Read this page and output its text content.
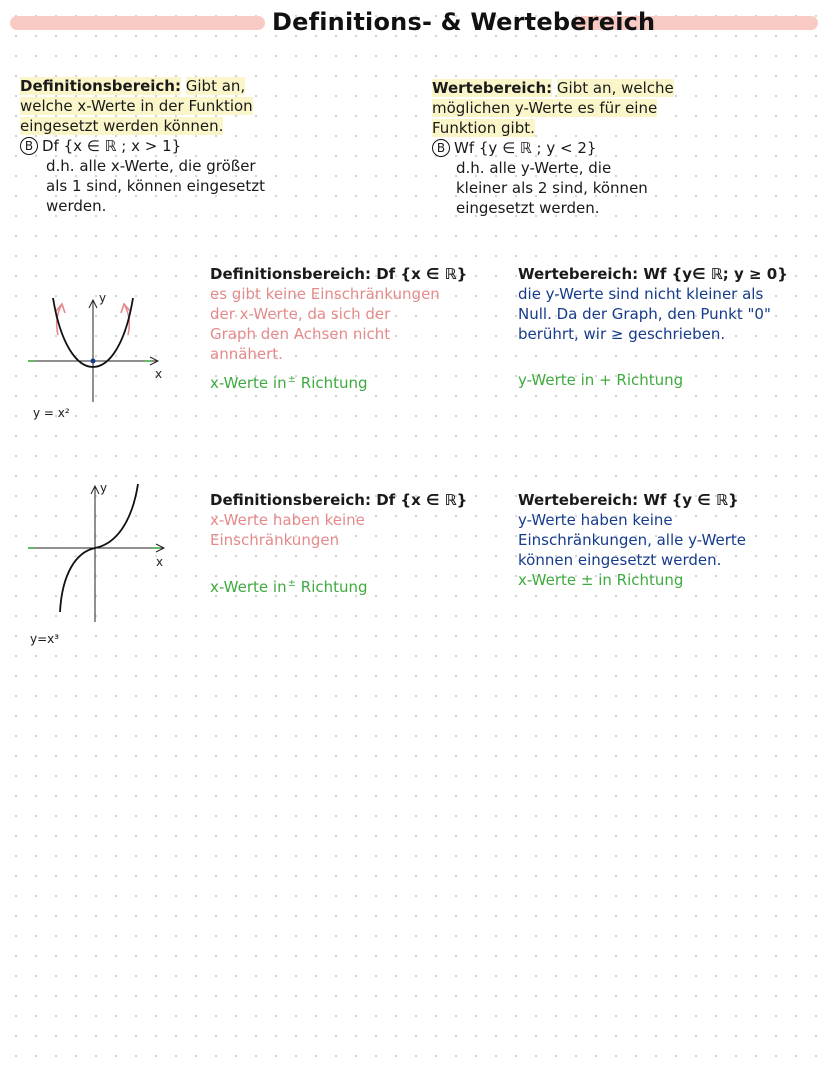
Definitions- & Wertebereich
Definitionsbereich: Gibt an,
welche x-Werte in der Funktion
eingesetzt werden können.
B Df {x ∈ ℝ ; x > 1}
d.h. alle x-Werte, die größer
als 1 sind, können eingesetzt
werden.
Wertebereich: Gibt an, welche
möglichen y-Werte es für eine
Funktion gibt.
B Wf {y ∈ ℝ ; y < 2}
d.h. alle y-Werte, die
kleiner als 2 sind, können
eingesetzt werden.
y
x
y = x²
Definitionsbereich: Df {x ∈ ℝ}
es gibt keine Einschränkungen
der x-Werte, da sich der
Graph den Achsen nicht
annähert.
x-Werte in± Richtung
Wertebereich: Wf {y∈ ℝ; y ≥ 0}
die y-Werte sind nicht kleiner als
Null. Da der Graph, den Punkt "0"
berührt, wir ≥ geschrieben.
y-Werte in + Richtung
y
x
y=x³
Definitionsbereich: Df {x ∈ ℝ}
x-Werte haben keine
Einschränkungen
x-Werte in± Richtung
Wertebereich: Wf {y ∈ ℝ}
y-Werte haben keine
Einschränkungen, alle y-Werte
können eingesetzt werden.
x-Werte ± in Richtung
